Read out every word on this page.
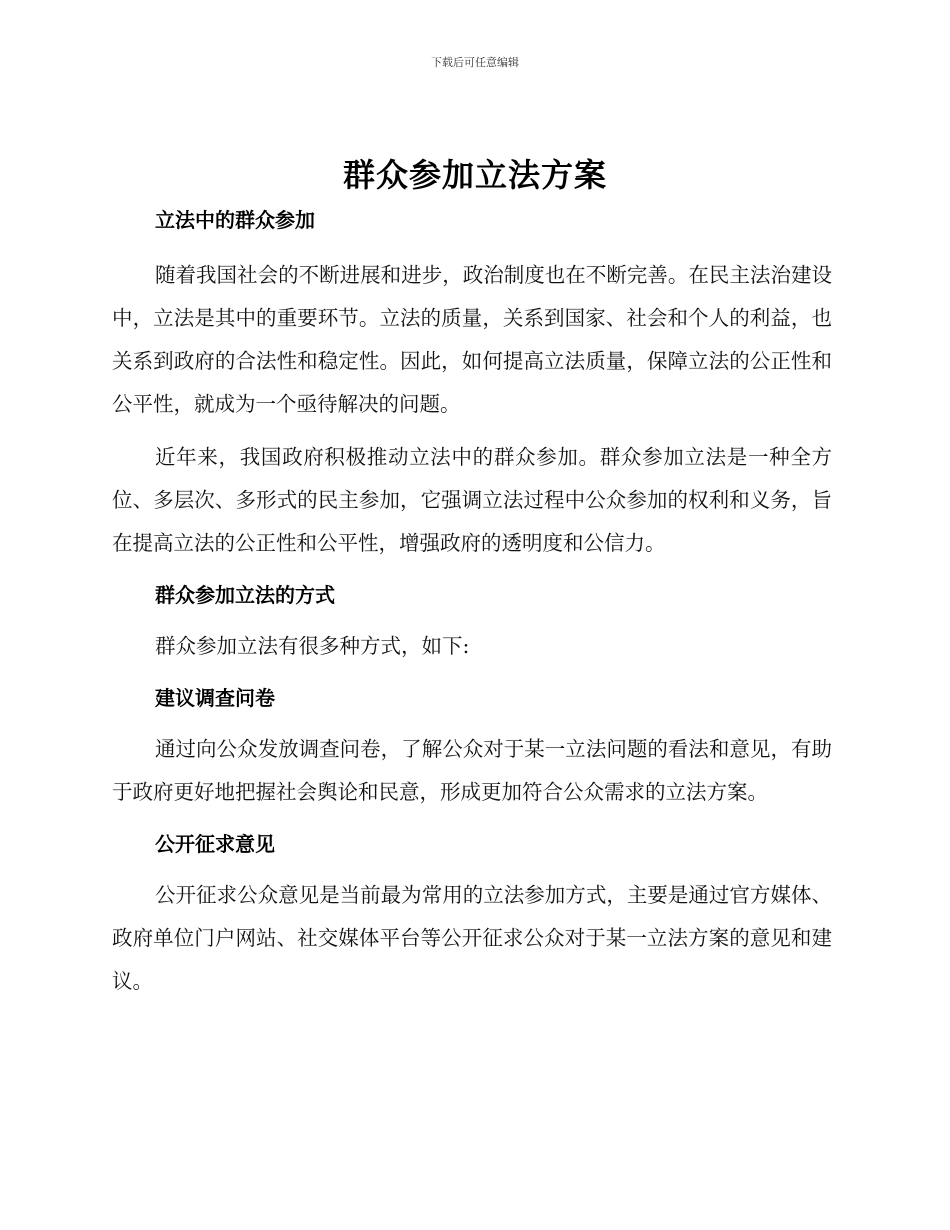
下载后可任意编辑
群众参加立法方案

立法中的群众参加

随着我国社会的不断进展和进步，政治制度也在不断完善。在民主法治建设中，立法是其中的重要环节。立法的质量，关系到国家、社会和个人的利益，也关系到政府的合法性和稳定性。因此，如何提高立法质量，保障立法的公正性和公平性，就成为一个亟待解决的问题。

近年来，我国政府积极推动立法中的群众参加。群众参加立法是一种全方位、多层次、多形式的民主参加，它强调立法过程中公众参加的权利和义务，旨在提高立法的公正性和公平性，增强政府的透明度和公信力。

群众参加立法的方式

群众参加立法有很多种方式，如下:

建议调查问卷

通过向公众发放调查问卷，了解公众对于某一立法问题的看法和意见，有助于政府更好地把握社会舆论和民意，形成更加符合公众需求的立法方案。

公开征求意见

公开征求公众意见是当前最为常用的立法参加方式，主要是通过官方媒体、政府单位门户网站、社交媒体平台等公开征求公众对于某一立法方案的意见和建议。
